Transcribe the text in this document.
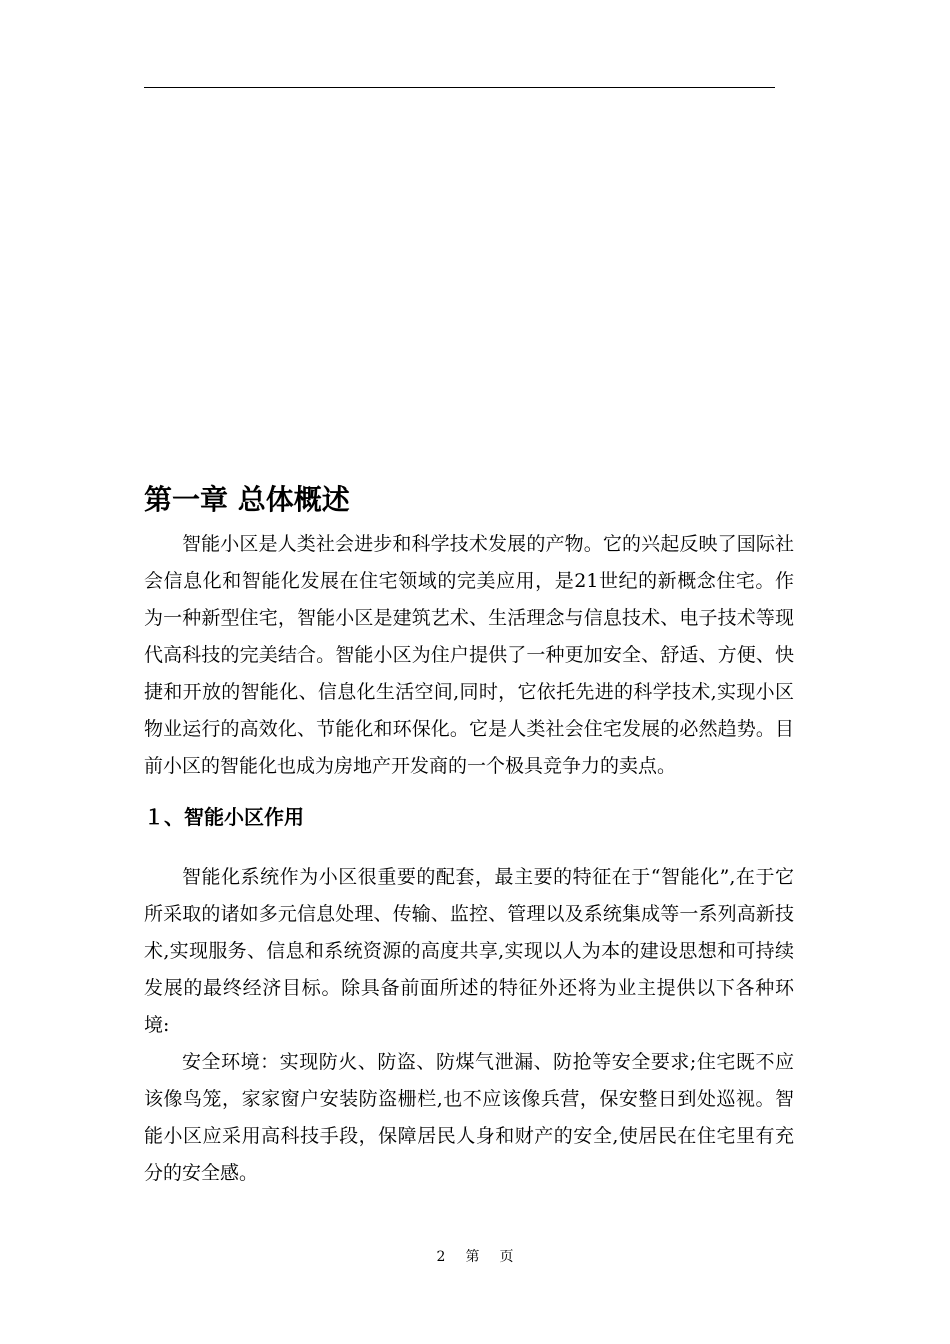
第一章 总体概述

智能小区是人类社会进步和科学技术发展的产物。它的兴起反映了国际社会信息化和智能化发展在住宅领域的完美应用，是21世纪的新概念住宅。作为一种新型住宅，智能小区是建筑艺术、生活理念与信息技术、电子技术等现代高科技的完美结合。智能小区为住户提供了一种更加安全、舒适、方便、快捷和开放的智能化、信息化生活空间,同时，它依托先进的科学技术,实现小区物业运行的高效化、节能化和环保化。它是人类社会住宅发展的必然趋势。目前小区的智能化也成为房地产开发商的一个极具竞争力的卖点。

１、智能小区作用

智能化系统作为小区很重要的配套，最主要的特征在于“智能化”,在于它所采取的诸如多元信息处理、传输、监控、管理以及系统集成等一系列高新技术,实现服务、信息和系统资源的高度共享,实现以人为本的建设思想和可持续发展的最终经济目标。除具备前面所述的特征外还将为业主提供以下各种环境:

安全环境：实现防火、防盗、防煤气泄漏、防抢等安全要求;住宅既不应该像鸟笼，家家窗户安装防盗栅栏,也不应该像兵营，保安整日到处巡视。智能小区应采用高科技手段，保障居民人身和财产的安全,使居民在住宅里有充分的安全感。

2 第 页
